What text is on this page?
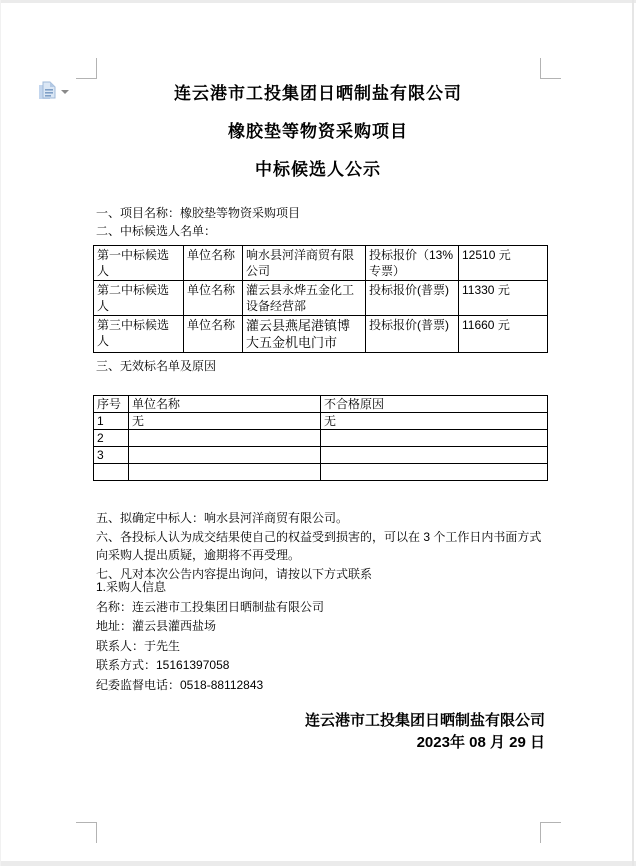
连云港市工投集团日晒制盐有限公司
橡胶垫等物资采购项目
中标候选人公示
一、项目名称：橡胶垫等物资采购项目
二、中标候选人名单：
第一中标候选人	单位名称	响水县河洋商贸有限公司	投标报价（13%专票）	12510 元
第二中标候选人	单位名称	灌云县永烨五金化工设备经营部	投标报价(普票)	11330 元
第三中标候选人	单位名称	灌云县燕尾港镇博大五金机电门市	投标报价(普票)	11660 元
三、无效标名单及原因
序号	单位名称	不合格原因
1	无	无
2		
3		

五、拟确定中标人：响水县河洋商贸有限公司。
六、各投标人认为成交结果使自己的权益受到损害的，可以在 3 个工作日内书面方式向采购人提出质疑，逾期将不再受理。
七、凡对本次公告内容提出询问，请按以下方式联系
1.采购人信息
名称：连云港市工投集团日晒制盐有限公司
地址：灌云县灌西盐场
联系人：于先生
联系方式：15161397058
纪委监督电话：0518-88112843
连云港市工投集团日晒制盐有限公司
2023年 08 月 29 日
